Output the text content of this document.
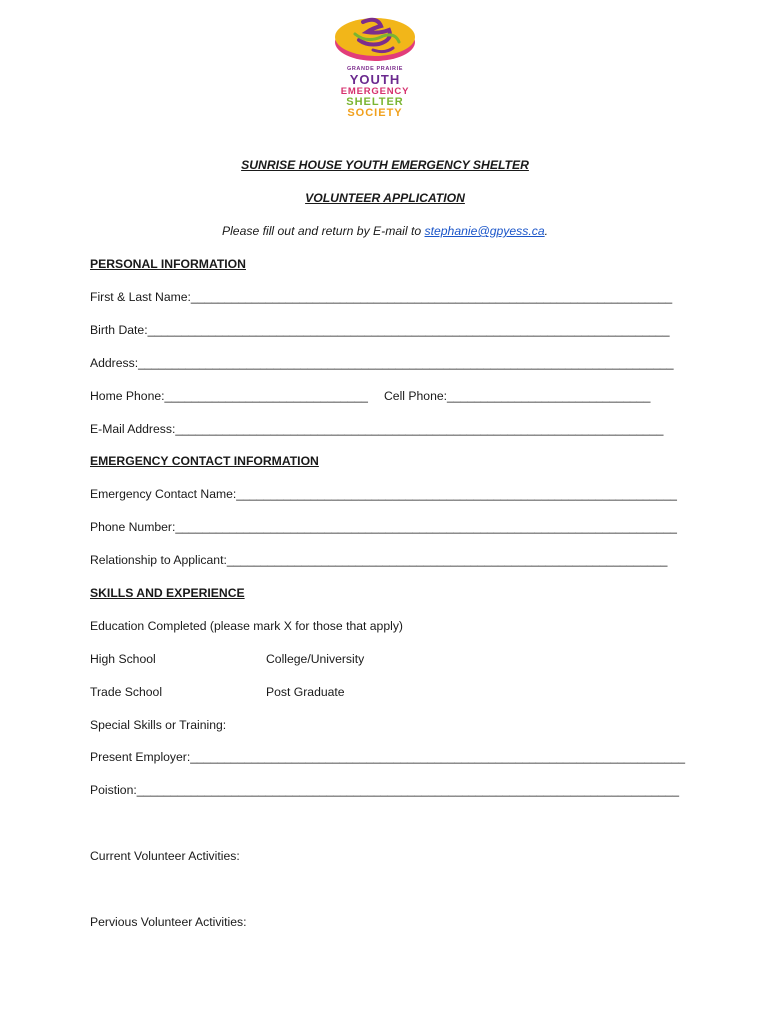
GRANDE PRAIRIE
YOUTH
EMERGENCY
SHELTER
SOCIETY
SUNRISE HOUSE YOUTH EMERGENCY SHELTER
VOLUNTEER APPLICATION
Please fill out and return by E-mail to stephanie@gpyess.ca.
PERSONAL INFORMATION
First & Last Name:_______________________________________________________________________
Birth Date:_____________________________________________________________________________
Address:_______________________________________________________________________________
Home Phone:______________________________ Cell Phone:______________________________
E-Mail Address:________________________________________________________________________
EMERGENCY CONTACT INFORMATION
Emergency Contact Name:_________________________________________________________________
Phone Number:__________________________________________________________________________
Relationship to Applicant:_________________________________________________________________
SKILLS AND EXPERIENCE
Education Completed (please mark X for those that apply)
High School	College/University
Trade School	Post Graduate
Special Skills or Training:
Present Employer:_________________________________________________________________________
Poistion:________________________________________________________________________________
Current Volunteer Activities:
Pervious Volunteer Activities:
